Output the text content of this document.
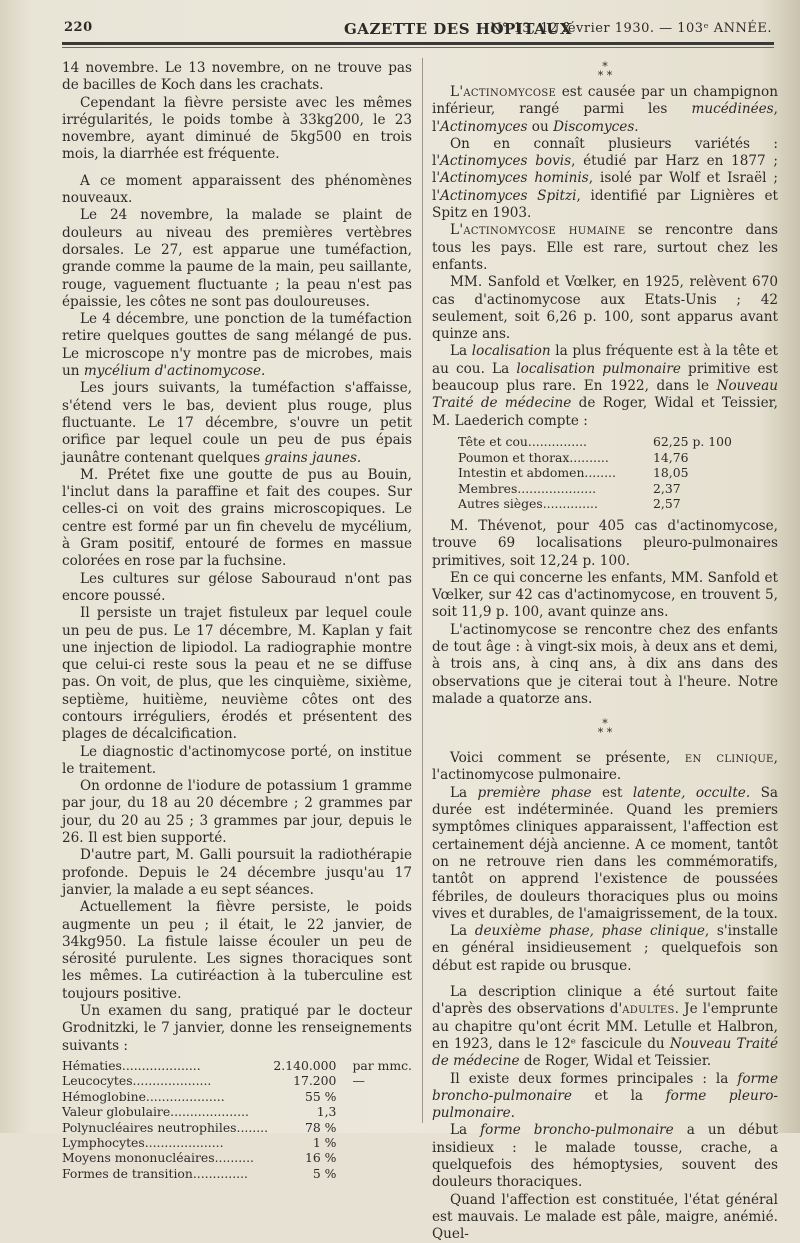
220	GAZETTE DES HOPITAUX
N° 13, 12 février 1930. — 103ᵉ ANNÉE.

14 novembre. Le 13 novembre, on ne trouve pas de bacilles de Koch dans les crachats.

Cependant la fièvre persiste avec les mêmes irrégularités, le poids tombe à 33kg200, le 23 novembre, ayant diminué de 5kg500 en trois mois, la diarrhée est fréquente.

A ce moment apparaissent des phénomènes nouveaux.

Le 24 novembre, la malade se plaint de douleurs au niveau des premières vertèbres dorsales. Le 27, est apparue une tuméfaction, grande comme la paume de la main, peu saillante, rouge, vaguement fluctuante ; la peau n'est pas épaissie, les côtes ne sont pas douloureuses.

Le 4 décembre, une ponction de la tuméfaction retire quelques gouttes de sang mélangé de pus. Le microscope n'y montre pas de microbes, mais un mycélium d'actinomycose.

Les jours suivants, la tuméfaction s'affaisse, s'étend vers le bas, devient plus rouge, plus fluctuante. Le 17 décembre, s'ouvre un petit orifice par lequel coule un peu de pus épais jaunâtre contenant quelques grains jaunes.

M. Prétet fixe une goutte de pus au Bouin, l'inclut dans la paraffine et fait des coupes. Sur celles-ci on voit des grains microscopiques. Le centre est formé par un fin chevelu de mycélium, à Gram positif, entouré de formes en massue colorées en rose par la fuchsine.

Les cultures sur gélose Sabouraud n'ont pas encore poussé.

Il persiste un trajet fistuleux par lequel coule un peu de pus. Le 17 décembre, M. Kaplan y fait une injection de lipiodol. La radiographie montre que celui-ci reste sous la peau et ne se diffuse pas. On voit, de plus, que les cinquième, sixième, septième, huitième, neuvième côtes ont des contours irréguliers, érodés et présentent des plages de décalcification.

Le diagnostic d'actinomycose porté, on institue le traitement.

On ordonne de l'iodure de potassium 1 gramme par jour, du 18 au 20 décembre ; 2 grammes par jour, du 20 au 25 ; 3 grammes par jour, depuis le 26. Il est bien supporté.

D'autre part, M. Galli poursuit la radiothérapie profonde. Depuis le 24 décembre jusqu'au 17 janvier, la malade a eu sept séances.

Actuellement la fièvre persiste, le poids augmente un peu ; il était, le 22 janvier, de 34kg950. La fistule laisse écouler un peu de sérosité purulente. Les signes thoraciques sont les mêmes. La cutiréaction à la tuberculine est toujours positive.

Un examen du sang, pratiqué par le docteur Grodnitzki, le 7 janvier, donne les renseignements suivants :

Hématies....................	2.140.000	par mmc.
Leucocytes....................	17.200	—
Hémoglobine....................	55 %	
Valeur globulaire....................	1,3	
Polynucléaires neutrophiles........	78 %	
Lymphocytes....................	1 %	
Moyens mononucléaires..........	16 %	
Formes de transition..............	5 %	
*
* *

L'actinomycose est causée par un champignon inférieur, rangé parmi les mucédinées, l'Actinomyces ou Discomyces.

On en connaît plusieurs variétés : l'Actinomyces bovis, étudié par Harz en 1877 ; l'Actinomyces hominis, isolé par Wolf et Israël ; l'Actinomyces Spitzi, identifié par Lignières et Spitz en 1903.

L'actinomycose humaine se rencontre dans tous les pays. Elle est rare, surtout chez les enfants.

MM. Sanfold et Vœlker, en 1925, relèvent 670 cas d'actinomycose aux Etats-Unis ; 42 seulement, soit 6,26 p. 100, sont apparus avant quinze ans.

La localisation la plus fréquente est à la tête et au cou. La localisation pulmonaire primitive est beaucoup plus rare. En 1922, dans le Nouveau Traité de médecine de Roger, Widal et Teissier, M. Laederich compte :

Tête et cou...............	62,25 p. 100
Poumon et thorax..........	14,76
Intestin et abdomen........	18,05
Membres....................	2,37
Autres sièges..............	2,57

M. Thévenot, pour 405 cas d'actinomycose, trouve 69 localisations pleuro-pulmonaires primitives, soit 12,24 p. 100.

En ce qui concerne les enfants, MM. Sanfold et Vœlker, sur 42 cas d'actinomycose, en trouvent 5, soit 11,9 p. 100, avant quinze ans.

L'actinomycose se rencontre chez des enfants de tout âge : à vingt-six mois, à deux ans et demi, à trois ans, à cinq ans, à dix ans dans des observations que je citerai tout à l'heure. Notre malade a quatorze ans.

*
* *

Voici comment se présente, en clinique, l'actinomycose pulmonaire.

La première phase est latente, occulte. Sa durée est indéterminée. Quand les premiers symptômes cliniques apparaissent, l'affection est certainement déjà ancienne. A ce moment, tantôt on ne retrouve rien dans les commémoratifs, tantôt on apprend l'existence de poussées fébriles, de douleurs thoraciques plus ou moins vives et durables, de l'amaigrissement, de la toux.

La deuxième phase, phase clinique, s'installe en général insidieusement ; quelquefois son début est rapide ou brusque.

La description clinique a été surtout faite d'après des observations d'adultes. Je l'emprunte au chapitre qu'ont écrit MM. Letulle et Halbron, en 1923, dans le 12ᵉ fascicule du Nouveau Traité de médecine de Roger, Widal et Teissier.

Il existe deux formes principales : la forme broncho-pulmonaire et la forme pleuro-pulmonaire.

La forme broncho-pulmonaire a un début insidieux : le malade tousse, crache, a quelquefois des hémoptysies, souvent des douleurs thoraciques.

Quand l'affection est constituée, l'état général est mauvais. Le malade est pâle, maigre, anémié. Quel-
